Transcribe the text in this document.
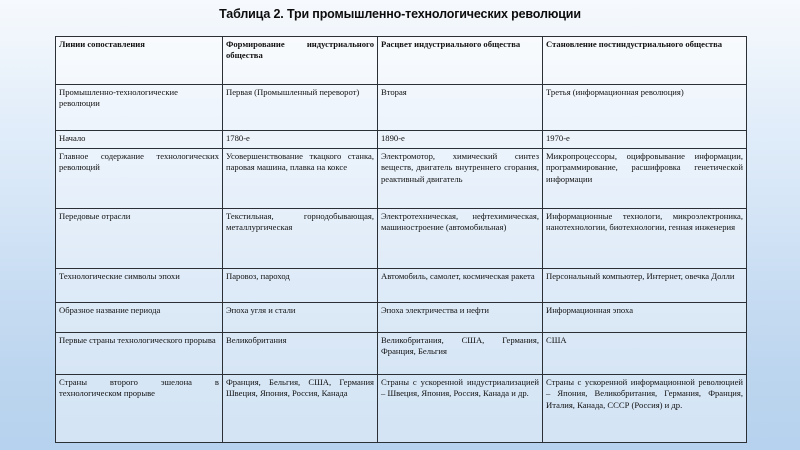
Таблица 2. Три промышленно-технологических революции
Линии сопоставления	Формирование индустриального общества	Расцвет индустриального общества	Становление постиндустриального общества
Промышленно-технологические революции	Первая (Промышленный переворот)	Вторая	Третья (информационная революция)
Начало	1780-е	1890-е	1970-е
Главное содержание технологических революций	Усовершенствование ткацкого станка, паровая машина, плавка на коксе	Электромотор, химический синтез веществ, двигатель внутреннего сгорания, реактивный двигатель	Микропроцессоры, оцифровывание информации, программирование, расшифровка генетической информации
Передовые отрасли	Текстильная, горнодобывающая, металлургическая	Электротехническая, нефтехимическая, машиностроение (автомобильная)	Информационные технологи, микроэлектроника, нанотехнологии, биотехнологии, генная инженерия
Технологические символы эпохи	Паровоз, пароход	Автомобиль, самолет, космическая ракета	Персональный компьютер, Интернет, овечка Долли
Образное название периода	Эпоха угля и стали	Эпоха электричества и нефти	Информационная эпоха
Первые страны технологического прорыва	Великобритания	Великобритания, США, Германия, Франция, Бельгия	США
Страны второго эшелона в технологическом прорыве	Франция, Бельгия, США, Германия Швеция, Япония, Россия, Канада	Страны с ускоренной индустриализацией – Швеция, Япония, Россия, Канада и др.	Страны с ускоренной информационной революцией – Япония, Великобритания, Германия, Франция, Италия, Канада, СССР (Россия) и др.
